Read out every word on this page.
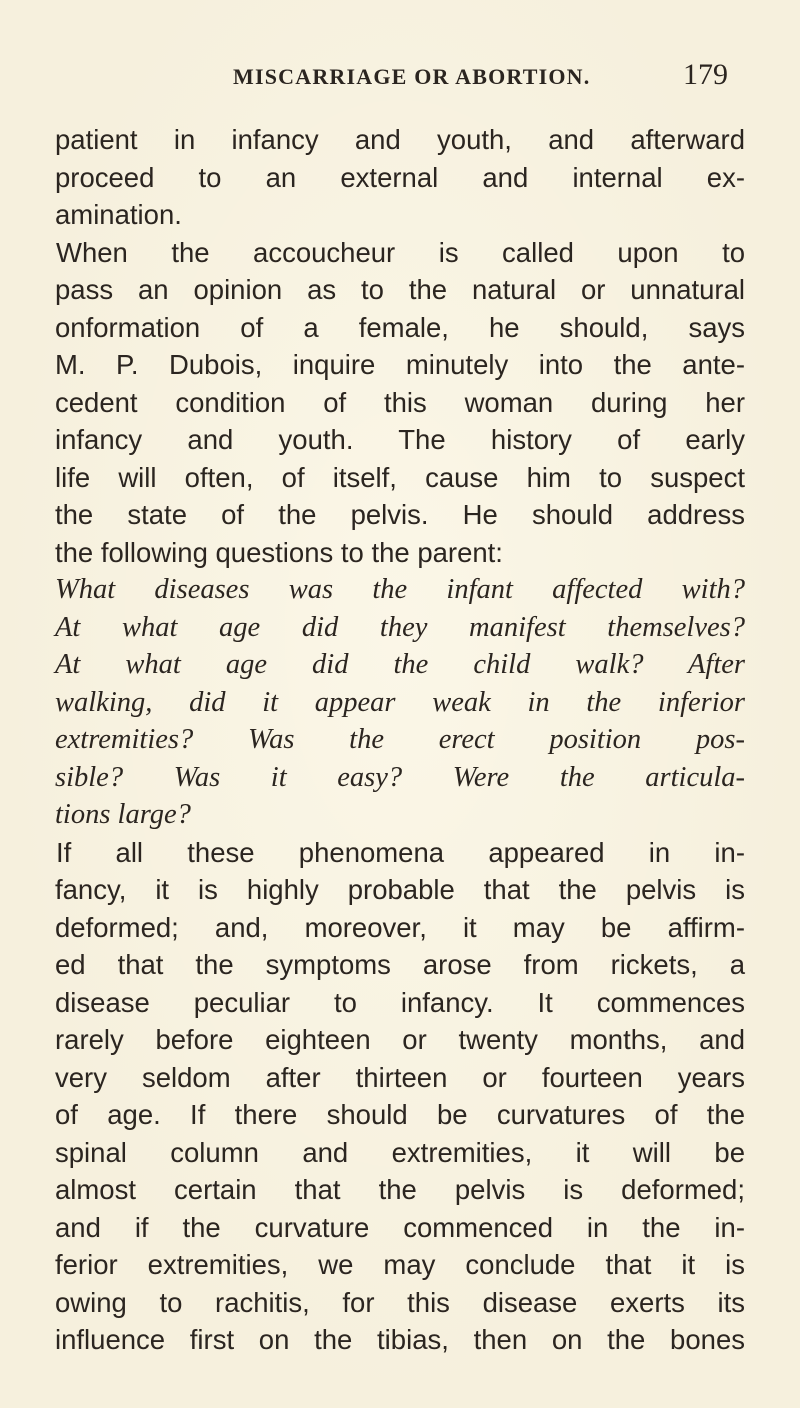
MISCARRIAGE OR ABORTION.	179
patient in infancy and youth, and afterward
proceed to an external and internal ex-
amination.
When the accoucheur is called upon to
pass an opinion as to the natural or unnatural
onformation of a female, he should, says
M. P. Dubois, inquire minutely into the ante-
cedent condition of this woman during her
infancy and youth. The history of early
life will often, of itself, cause him to suspect
the state of the pelvis. He should address
the following questions to the parent:
What diseases was the infant affected with?
At what age did they manifest themselves?
At what age did the child walk? After
walking, did it appear weak in the inferior
extremities? Was the erect position pos-
sible? Was it easy? Were the articula-
tions large?
If all these phenomena appeared in in-
fancy, it is highly probable that the pelvis is
deformed; and, moreover, it may be affirm-
ed that the symptoms arose from rickets, a
disease peculiar to infancy. It commences
rarely before eighteen or twenty months, and
very seldom after thirteen or fourteen years
of age. If there should be curvatures of the
spinal column and extremities, it will be
almost certain that the pelvis is deformed;
and if the curvature commenced in the in-
ferior extremities, we may conclude that it is
owing to rachitis, for this disease exerts its
influence first on the tibias, then on the bones
